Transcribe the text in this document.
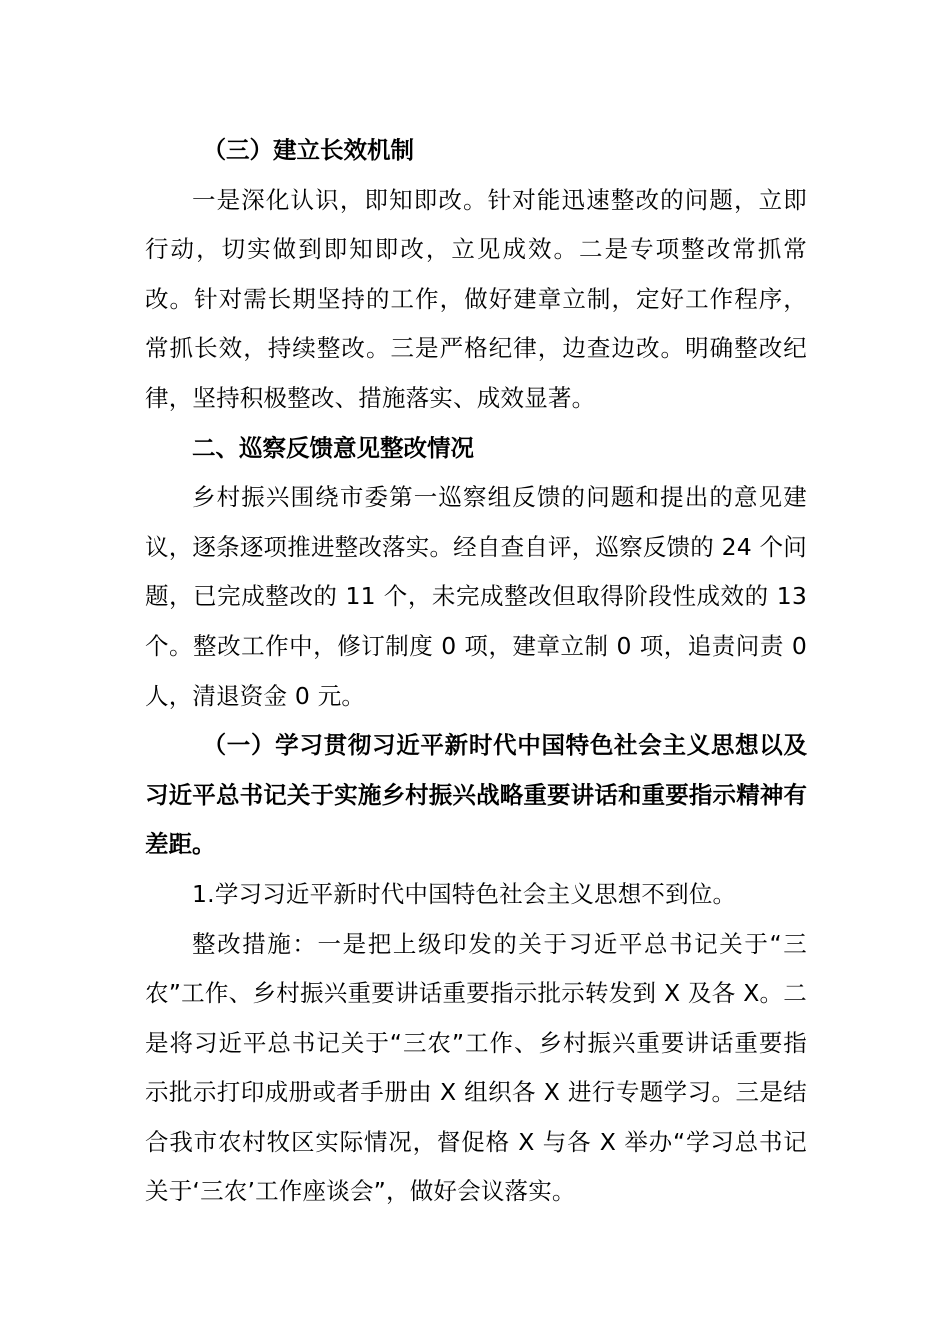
（三）建立长效机制

一是深化认识，即知即改。针对能迅速整改的问题，立即行动，切实做到即知即改，立见成效。二是专项整改常抓常改。针对需长期坚持的工作，做好建章立制，定好工作程序，常抓长效，持续整改。三是严格纪律，边查边改。明确整改纪律，坚持积极整改、措施落实、成效显著。

二、巡察反馈意见整改情况

乡村振兴围绕市委第一巡察组反馈的问题和提出的意见建议，逐条逐项推进整改落实。经自查自评，巡察反馈的 24 个问题，已完成整改的 11 个，未完成整改但取得阶段性成效的 13 个。整改工作中，修订制度 0 项，建章立制 0 项，追责问责 0 人，清退资金 0 元。

（一）学习贯彻习近平新时代中国特色社会主义思想以及习近平总书记关于实施乡村振兴战略重要讲话和重要指示精神有差距。

1.学习习近平新时代中国特色社会主义思想不到位。

整改措施：一是把上级印发的关于习近平总书记关于“三农”工作、乡村振兴重要讲话重要指示批示转发到 X 及各 X。二是将习近平总书记关于“三农”工作、乡村振兴重要讲话重要指示批示打印成册或者手册由 X 组织各 X 进行专题学习。三是结合我市农村牧区实际情况，督促格 X 与各 X 举办“学习总书记关于‘三农’工作座谈会”，做好会议落实。
